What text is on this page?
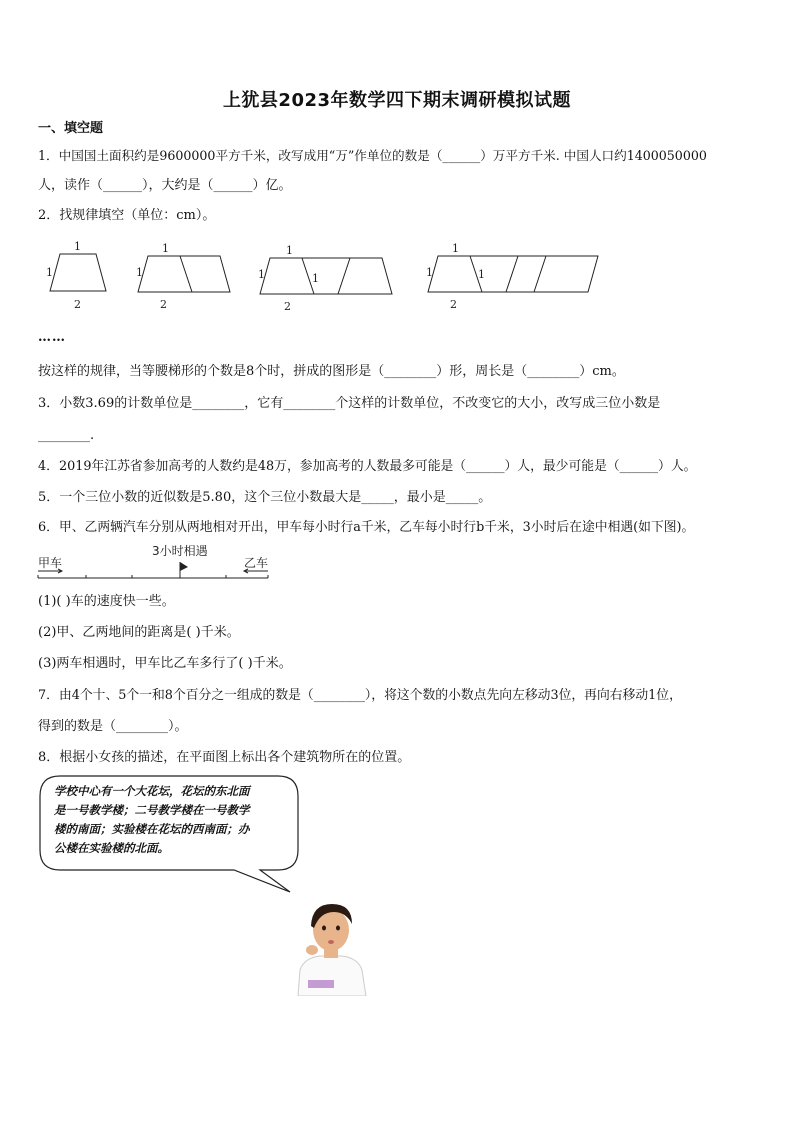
上犹县2023年数学四下期末调研模拟试题
一、填空题
1．中国国土面积约是9600000平方千米，改写成用“万”作单位的数是（______）万平方千米. 中国人口约1400050000
人，读作（______），大约是（______）亿。
2．找规律填空（单位：cm）。
1
1
2
1
1
2
1
1	1
2
1
1	1
2
……
按这样的规律，当等腰梯形的个数是8个时，拼成的图形是（________）形，周长是（________）cm。
3．小数3.69的计数单位是________，它有________个这样的计数单位，不改变它的大小，改写成三位小数是
________.
4．2019年江苏省参加高考的人数约是48万，参加高考的人数最多可能是（______）人，最少可能是（______）人。
5．一个三位小数的近似数是5.80，这个三位小数最大是_____，最小是_____。
6．甲、乙两辆汽车分别从两地相对开出，甲车每小时行a千米，乙车每小时行b千米，3小时后在途中相遇(如下图)。
甲车	乙车
3小时相遇
(1)( )车的速度快一些。
(2)甲、乙两地间的距离是( )千米。
(3)两车相遇时，甲车比乙车多行了( )千米。
7．由4个十、5个一和8个百分之一组成的数是（________），将这个数的小数点先向左移动3位，再向右移动1位，
得到的数是（________）。
8．根据小女孩的描述，在平面图上标出各个建筑物所在的位置。
学校中心有一个大花坛，花坛的东北面
是一号教学楼；二号教学楼在一号教学
楼的南面；实验楼在花坛的西南面；办
公楼在实验楼的北面。
